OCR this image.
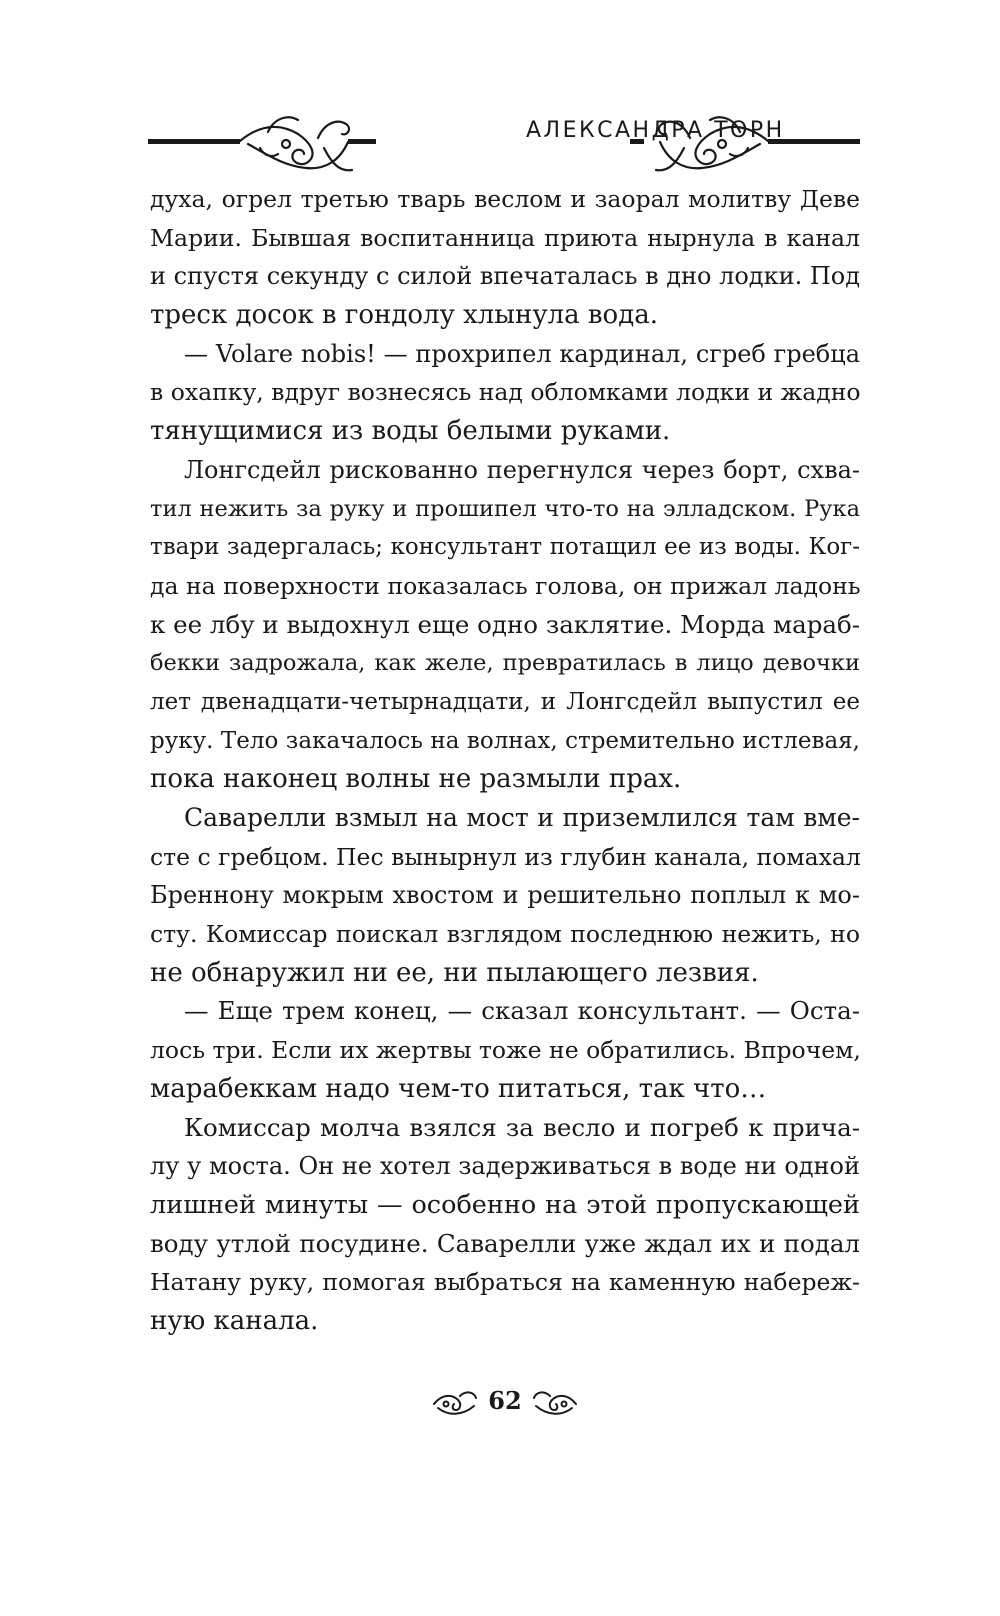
АЛЕКСАНДРА ТОРН
духа, огрел третью тварь веслом и заорал молитву Деве
Марии. Бывшая воспитанница приюта нырнула в канал
и спустя секунду с силой впечаталась в дно лодки. Под
треск досок в гондолу хлынула вода.
— Volare nobis! — прохрипел кардинал, сгреб гребца
в охапку, вдруг вознесясь над обломками лодки и жадно
тянущимися из воды белыми руками.
Лонгсдейл рискованно перегнулся через борт, схва-
тил нежить за руку и прошипел что-то на элладском. Рука
твари задергалась; консультант потащил ее из воды. Ког-
да на поверхности показалась голова, он прижал ладонь
к ее лбу и выдохнул еще одно заклятие. Морда мараб-
бекки задрожала, как желе, превратилась в лицо девочки
лет двенадцати-четырнадцати, и Лонгсдейл выпустил ее
руку. Тело закачалось на волнах, стремительно истлевая,
пока наконец волны не размыли прах.
Саварелли взмыл на мост и приземлился там вме-
сте с гребцом. Пес вынырнул из глубин канала, помахал
Бреннону мокрым хвостом и решительно поплыл к мо-
сту. Комиссар поискал взглядом последнюю нежить, но
не обнаружил ни ее, ни пылающего лезвия.
— Еще трем конец, — сказал консультант. — Оста-
лось три. Если их жертвы тоже не обратились. Впрочем,
марабеккам надо чем-то питаться, так что…
Комиссар молча взялся за весло и погреб к прича-
лу у моста. Он не хотел задерживаться в воде ни одной
лишней минуты — особенно на этой пропускающей
воду утлой посудине. Саварелли уже ждал их и подал
Натану руку, помогая выбраться на каменную набереж-
ную канала.
62
